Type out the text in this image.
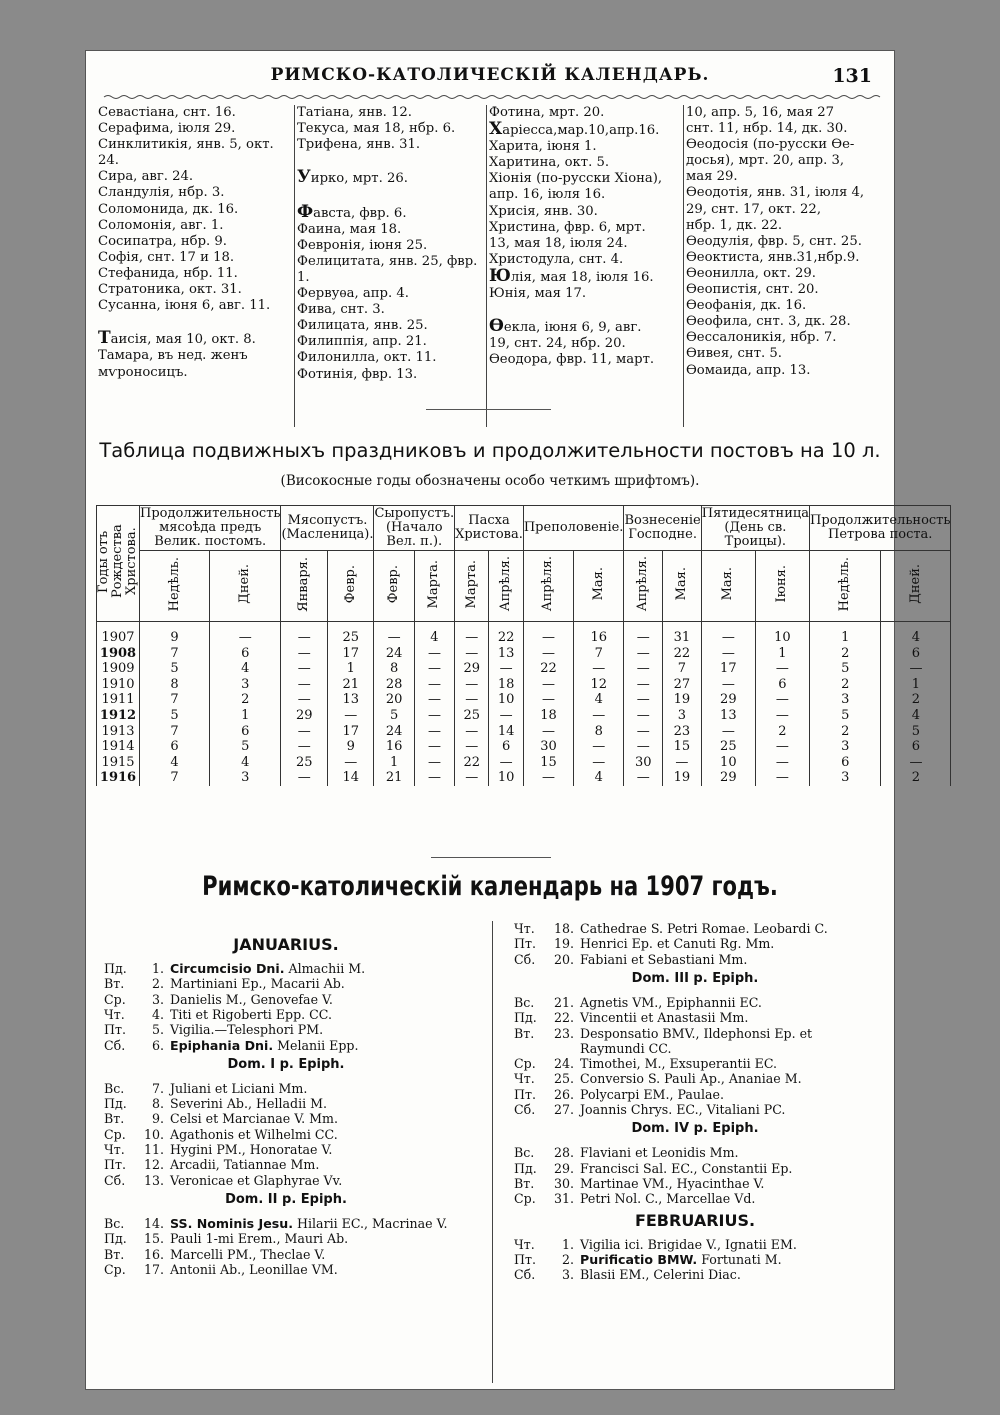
РИМСКО-КАТОЛИЧЕСКІЙ КАЛЕНДАРЬ.	131
Севастіана, снт. 16.
Серафима, іюля 29.
Синклитикія, янв. 5, окт.
24.
Сира, авг. 24.
Сландулія, нбр. 3.
Соломонида, дк. 16.
Соломонія, авг. 1.
Сосипатра, нбр. 9.
Софія, снт. 17 и 18.
Стефанида, нбр. 11.
Стратоника, окт. 31.
Сусанна, іюня 6, авг. 11.

Таисія, мая 10, окт. 8.
Тамара, въ нед. женъ
мѵроносицъ.
Татіана, янв. 12.
Текуса, мая 18, нбр. 6.
Трифена, янв. 31.

Уирко, мрт. 26.

Фавста, фвр. 6.
Фаина, мая 18.
Февронія, іюня 25.
Фелицитата, янв. 25, фвр.
1.
Фервуѳа, апр. 4.
Фива, снт. 3.
Филицата, янв. 25.
Филиппія, апр. 21.
Филонилла, окт. 11.
Фотинія, фвр. 13.
Фотина, мрт. 20.
Харіесса,мар.10,апр.16.
Харита, іюня 1.
Харитина, окт. 5.
Хіонія (по-русски Хіона),
апр. 16, іюля 16.
Хрисія, янв. 30.
Христина, фвр. 6, мрт.
13, мая 18, іюля 24.
Христодула, снт. 4.
Юлія, мая 18, іюля 16.
Юнія, мая 17.

Ѳекла, іюня 6, 9, авг.
19, снт. 24, нбр. 20.
Ѳеодора, фвр. 11, март.
10, апр. 5, 16, мая 27
снт. 11, нбр. 14, дк. 30.
Ѳеодосія (по-русски Ѳе-
досья), мрт. 20, апр. 3,
мая 29.
Ѳеодотія, янв. 31, іюля 4,
29, снт. 17, окт. 22,
нбр. 1, дк. 22.
Ѳеодулія, фвр. 5, снт. 25.
Ѳеоктиста, янв.31,нбр.9.
Ѳеонилла, окт. 29.
Ѳеопистія, снт. 20.
Ѳеофанія, дк. 16.
Ѳеофила, снт. 3, дк. 28.
Ѳессалоникія, нбр. 7.
Ѳивея, снт. 5.
Ѳомаида, апр. 13.
Таблица подвижныхъ праздниковъ и продолжительности постовъ на 10 л.
(Високосные годы обозначены особо четкимъ шрифтомъ).
Годы отъ Рождества Христова.	Продолжительность мясоѣда предъ Велик. постомъ.		Мясопустъ. (Масленица).		Сыропустъ. (Начало Вел. п.).		Пасха Христова.		Преполовеніе.		Вознесеніе Господне.		Пятидесятница (День св. Троицы).		Продолжительность Петрова поста.	
	Недѣль.	Дней.	Января.	Февр.	Февр.	Марта.	Марта.	Апрѣля.	Апрѣля.	Мая.	Апрѣля.	Мая.	Мая.	Іюня.	Недѣль.	Дней.
1907	9	—	—	25	—	4	—	22	—	16	—	31	—	10	1	4
1908	7	6	—	17	24	—	—	13	—	7	—	22	—	1	2	6
1909	5	4	—	1	8	—	29	—	22	—	—	7	17	—	5	—
1910	8	3	—	21	28	—	—	18	—	12	—	27	—	6	2	1
1911	7	2	—	13	20	—	—	10	—	4	—	19	29	—	3	2
1912	5	1	29	—	5	—	25	—	18	—	—	3	13	—	5	4
1913	7	6	—	17	24	—	—	14	—	8	—	23	—	2	2	5
1914	6	5	—	9	16	—	—	6	30	—	—	15	25	—	3	6
1915	4	4	25	—	1	—	22	—	15	—	30	—	10	—	6	—
1916	7	3	—	14	21	—	—	10	—	4	—	19	29	—	3	2
Римско-католическій календарь на 1907 годъ.
JANUARIUS.
Пд. 1. Circumcisio Dni. Almachii M.
Вт. 2. Martiniani Ep., Macarii Ab.
Ср. 3. Danielis M., Genovefae V.
Чт. 4. Titi et Rigoberti Epp. CC.
Пт. 5. Vigilia.—Telesphori PM.
Сб. 6. Epiphania Dni. Melanii Epp.
Dom. I p. Epiph.
Вс. 7. Juliani et Liciani Mm.
Пд. 8. Severini Ab., Helladii M.
Вт. 9. Celsi et Marcianae V. Mm.
Ср. 10. Agathonis et Wilhelmi CC.
Чт. 11. Hygini PM., Honoratae V.
Пт. 12. Arcadii, Tatiannae Mm.
Сб. 13. Veronicae et Glaphyrae Vv.
Dom. II p. Epiph.
Вс. 14. SS. Nominis Jesu. Hilarii EC., Macrinae V.
Пд. 15. Pauli 1-mi Erem., Mauri Ab.
Вт. 16. Marcelli PM., Theclae V.
Ср. 17. Antonii Ab., Leonillae VM.
Чт. 18. Cathedrae S. Petri Romae. Leobardi C.
Пт. 19. Henrici Ep. et Canuti Rg. Mm.
Сб. 20. Fabiani et Sebastiani Mm.
Dom. III p. Epiph.
Вс. 21. Agnetis VM., Epiphannii EC.
Пд. 22. Vincentii et Anastasii Mm.
Вт. 23. Desponsatio BMV., Ildephonsi Ep. et
Raymundi CC.
Ср. 24. Timothei, M., Exsuperantii EC.
Чт. 25. Conversio S. Pauli Ap., Ananiae M.
Пт. 26. Polycarpi EM., Paulae.
Сб. 27. Joannis Chrys. EC., Vitaliani PC.
Dom. IV p. Epiph.
Вс. 28. Flaviani et Leonidis Mm.
Пд. 29. Francisci Sal. EC., Constantii Ep.
Вт. 30. Martinae VM., Hyacinthae V.
Ср. 31. Petri Nol. C., Marcellae Vd.
FEBRUARIUS.
Чт. 1. Vigilia ici. Brigidae V., Ignatii EM.
Пт. 2. Purificatio BMW. Fortunati M.
Сб. 3. Blasii EM., Celerini Diac.
